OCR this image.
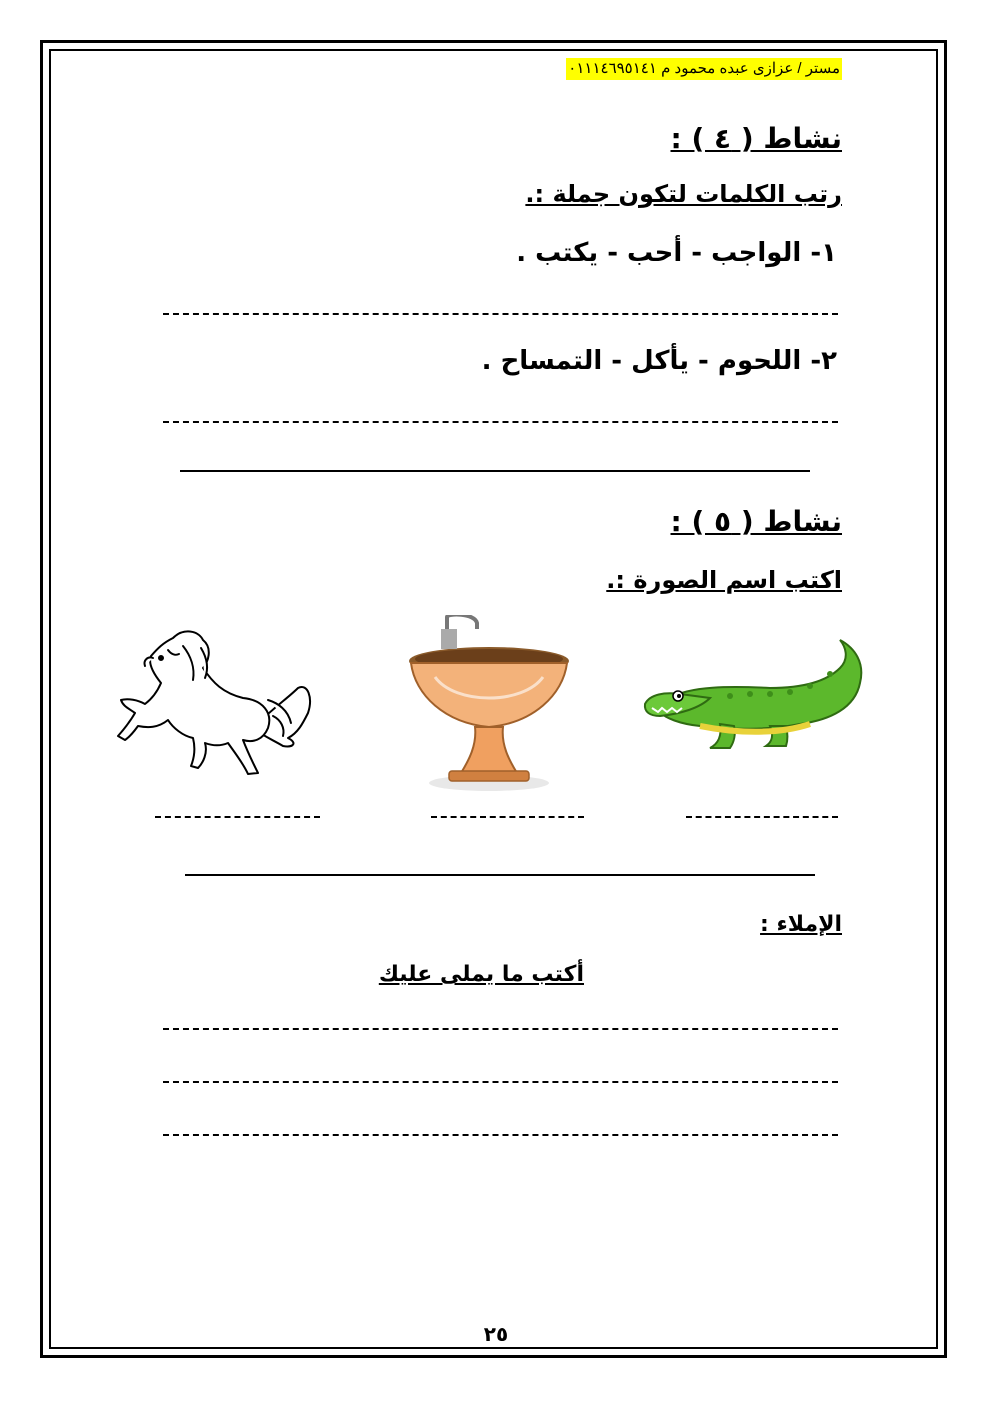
مستر / عزازى عبده محمود م ٠١١١٤٦٩٥١٤١
نشاط ( ٤ ) :
رتب الكلمات لتكون جملة :.
١- الواجب - أحب - يكتب .
٢- اللحوم - يأكل - التمساح .
نشاط ( ٥ ) :
اكتب اسم الصورة :.
الإملاء :
أكتب ما يملى عليك
٢٥
